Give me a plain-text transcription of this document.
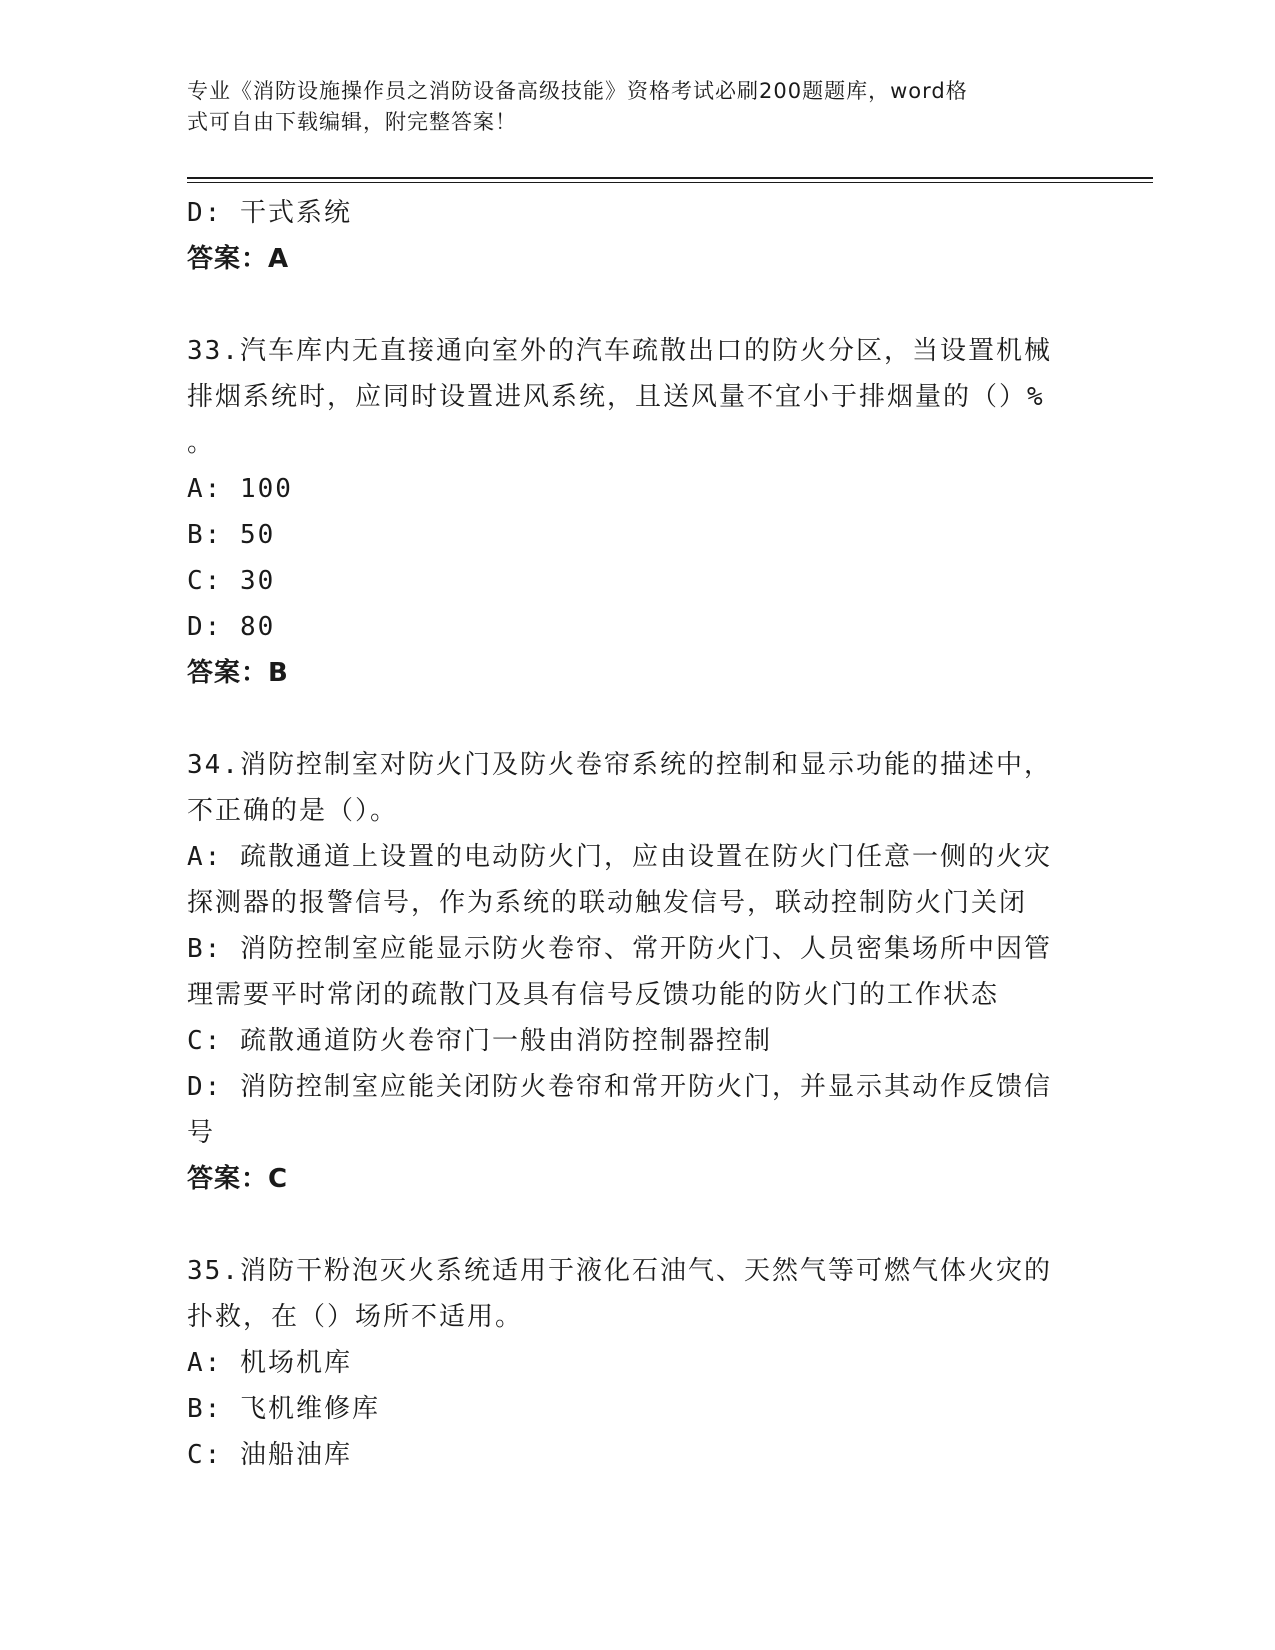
专业《消防设施操作员之消防设备高级技能》资格考试必刷200题题库，word格
式可自由下载编辑，附完整答案！
D: 干式系统
答案：A
33.汽车库内无直接通向室外的汽车疏散出口的防火分区，当设置机械
排烟系统时，应同时设置进风系统，且送风量不宜小于排烟量的（）%
。
A: 100
B: 50
C: 30
D: 80
答案：B
34.消防控制室对防火门及防火卷帘系统的控制和显示功能的描述中，
不正确的是（）。
A: 疏散通道上设置的电动防火门，应由设置在防火门任意一侧的火灾
探测器的报警信号，作为系统的联动触发信号，联动控制防火门关闭
B: 消防控制室应能显示防火卷帘、常开防火门、人员密集场所中因管
理需要平时常闭的疏散门及具有信号反馈功能的防火门的工作状态
C: 疏散通道防火卷帘门一般由消防控制器控制
D: 消防控制室应能关闭防火卷帘和常开防火门，并显示其动作反馈信
号
答案：C
35.消防干粉泡灭火系统适用于液化石油气、天然气等可燃气体火灾的
扑救，在（）场所不适用。
A: 机场机库
B: 飞机维修库
C: 油船油库
